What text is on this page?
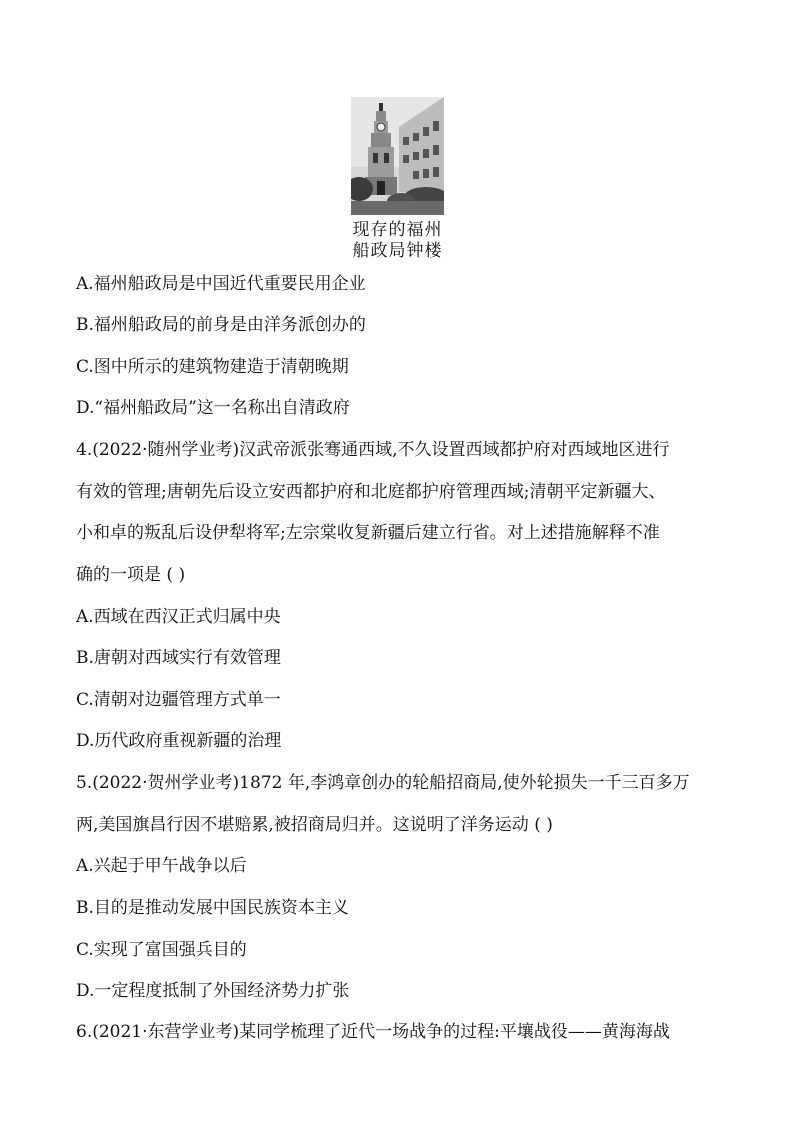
现存的福州
船政局钟楼
A.福州船政局是中国近代重要民用企业
B.福州船政局的前身是由洋务派创办的
C.图中所示的建筑物建造于清朝晚期
D.“福州船政局”这一名称出自清政府
4.(2022·随州学业考)汉武帝派张骞通西域,不久设置西域都护府对西域地区进行
有效的管理;唐朝先后设立安西都护府和北庭都护府管理西域;清朝平定新疆大、
小和卓的叛乱后设伊犁将军;左宗棠收复新疆后建立行省。对上述措施解释不准
确的一项是 ( )
A.西域在西汉正式归属中央
B.唐朝对西域实行有效管理
C.清朝对边疆管理方式单一
D.历代政府重视新疆的治理
5.(2022·贺州学业考)1872 年,李鸿章创办的轮船招商局,使外轮损失一千三百多万
两,美国旗昌行因不堪赔累,被招商局归并。这说明了洋务运动 ( )
A.兴起于甲午战争以后
B.目的是推动发展中国民族资本主义
C.实现了富国强兵目的
D.一定程度抵制了外国经济势力扩张
6.(2021·东营学业考)某同学梳理了近代一场战争的过程:平壤战役——黄海海战
